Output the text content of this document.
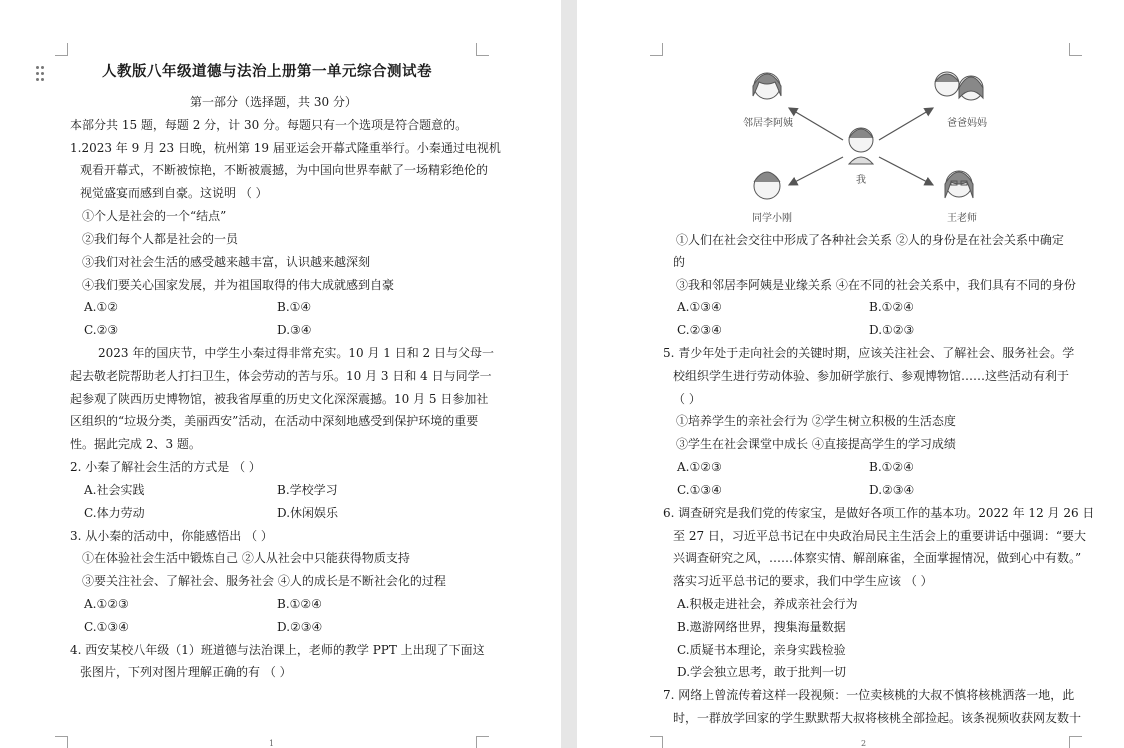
人教版八年级道德与法治上册第一单元综合测试卷
第一部分（选择题，共 30 分）
本部分共 15 题，每题 2 分，计 30 分。每题只有一个选项是符合题意的。
1.2023 年 9 月 23 日晚，杭州第 19 届亚运会开幕式隆重举行。小秦通过电视机
观看开幕式，不断被惊艳，不断被震撼，为中国向世界奉献了一场精彩绝伦的
视觉盛宴而感到自豪。这说明 （ ）
①个人是社会的一个“结点”
②我们每个人都是社会的一员
③我们对社会生活的感受越来越丰富，认识越来越深刻
④我们要关心国家发展，并为祖国取得的伟大成就感到自豪
A.①②	B.①④
C.②③	D.③④
2023 年的国庆节，中学生小秦过得非常充实。10 月 1 日和 2 日与父母一
起去敬老院帮助老人打扫卫生，体会劳动的苦与乐。10 月 3 日和 4 日与同学一
起参观了陕西历史博物馆，被我省厚重的历史文化深深震撼。10 月 5 日参加社
区组织的“垃圾分类，美丽西安”活动，在活动中深刻地感受到保护环境的重要
性。据此完成 2、3 题。
2. 小秦了解社会生活的方式是 （ ）
A.社会实践	B.学校学习
C.体力劳动	D.休闲娱乐
3. 从小秦的活动中，你能感悟出 （ ）
①在体验社会生活中锻炼自己 ②人从社会中只能获得物质支持
③要关注社会、了解社会、服务社会 ④人的成长是不断社会化的过程
A.①②③	B.①②④
C.①③④	D.②③④
4. 西安某校八年级（1）班道德与法治课上，老师的教学 PPT 上出现了下面这
张图片，下列对图片理解正确的有 （ ）
1
我
邻居李阿姨	爸爸妈妈
同学小刚	王老师
①人们在社会交往中形成了各种社会关系 ②人的身份是在社会关系中确定
的
③我和邻居李阿姨是业缘关系 ④在不同的社会关系中，我们具有不同的身份
A.①③④	B.①②④
C.②③④	D.①②③
5. 青少年处于走向社会的关键时期，应该关注社会、了解社会、服务社会。学
校组织学生进行劳动体验、参加研学旅行、参观博物馆……这些活动有利于
（ ）
①培养学生的亲社会行为 ②学生树立积极的生活态度
③学生在社会课堂中成长 ④直接提高学生的学习成绩
A.①②③	B.①②④
C.①③④	D.②③④
6. 调查研究是我们党的传家宝，是做好各项工作的基本功。2022 年 12 月 26 日
至 27 日，习近平总书记在中央政治局民主生活会上的重要讲话中强调：“要大
兴调查研究之风，……体察实情、解剖麻雀，全面掌握情况，做到心中有数。”
落实习近平总书记的要求，我们中学生应该 （ ）
A.积极走进社会，养成亲社会行为
B.遨游网络世界，搜集海量数据
C.质疑书本理论，亲身实践检验
D.学会独立思考，敢于批判一切
7. 网络上曾流传着这样一段视频：一位卖核桃的大叔不慎将核桃洒落一地，此
时，一群放学回家的学生默默帮大叔将核桃全部捡起。该条视频收获网友数十
2
